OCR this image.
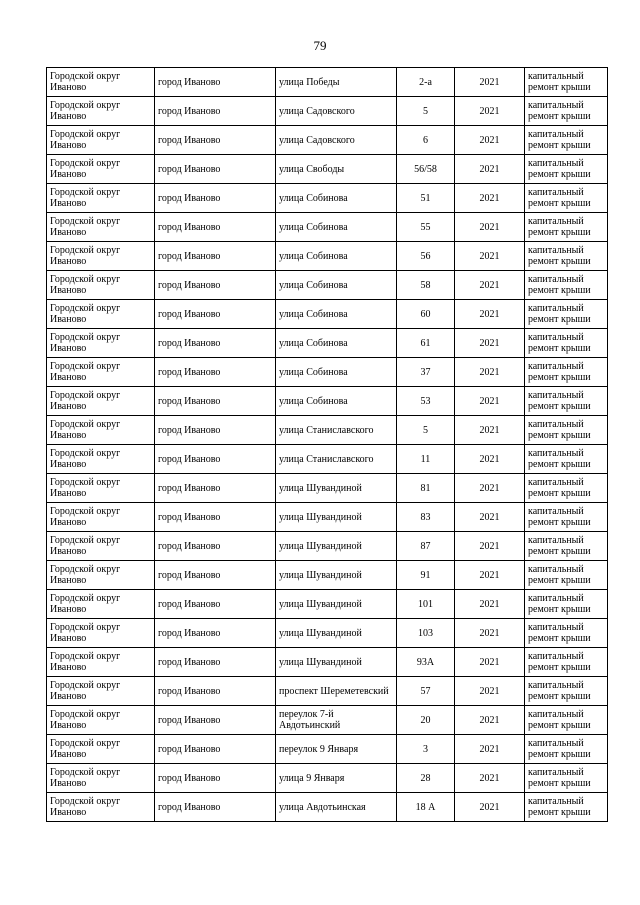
79
Городской округ Иваново	город Иваново	улица Победы	2-а	2021	капитальный ремонт крыши
Городской округ Иваново	город Иваново	улица Садовского	5	2021	капитальный ремонт крыши
Городской округ Иваново	город Иваново	улица Садовского	6	2021	капитальный ремонт крыши
Городской округ Иваново	город Иваново	улица Свободы	56/58	2021	капитальный ремонт крыши
Городской округ Иваново	город Иваново	улица Собинова	51	2021	капитальный ремонт крыши
Городской округ Иваново	город Иваново	улица Собинова	55	2021	капитальный ремонт крыши
Городской округ Иваново	город Иваново	улица Собинова	56	2021	капитальный ремонт крыши
Городской округ Иваново	город Иваново	улица Собинова	58	2021	капитальный ремонт крыши
Городской округ Иваново	город Иваново	улица Собинова	60	2021	капитальный ремонт крыши
Городской округ Иваново	город Иваново	улица Собинова	61	2021	капитальный ремонт крыши
Городской округ Иваново	город Иваново	улица Собинова	37	2021	капитальный ремонт крыши
Городской округ Иваново	город Иваново	улица Собинова	53	2021	капитальный ремонт крыши
Городской округ Иваново	город Иваново	улица Станиславского	5	2021	капитальный ремонт крыши
Городской округ Иваново	город Иваново	улица Станиславского	11	2021	капитальный ремонт крыши
Городской округ Иваново	город Иваново	улица Шувандиной	81	2021	капитальный ремонт крыши
Городской округ Иваново	город Иваново	улица Шувандиной	83	2021	капитальный ремонт крыши
Городской округ Иваново	город Иваново	улица Шувандиной	87	2021	капитальный ремонт крыши
Городской округ Иваново	город Иваново	улица Шувандиной	91	2021	капитальный ремонт крыши
Городской округ Иваново	город Иваново	улица Шувандиной	101	2021	капитальный ремонт крыши
Городской округ Иваново	город Иваново	улица Шувандиной	103	2021	капитальный ремонт крыши
Городской округ Иваново	город Иваново	улица Шувандиной	93А	2021	капитальный ремонт крыши
Городской округ Иваново	город Иваново	проспект Шереметевский	57	2021	капитальный ремонт крыши
Городской округ Иваново	город Иваново	переулок 7-й Авдотьинский	20	2021	капитальный ремонт крыши
Городской округ Иваново	город Иваново	переулок 9 Января	3	2021	капитальный ремонт крыши
Городской округ Иваново	город Иваново	улица 9 Января	28	2021	капитальный ремонт крыши
Городской округ Иваново	город Иваново	улица Авдотьинская	18 А	2021	капитальный ремонт крыши
